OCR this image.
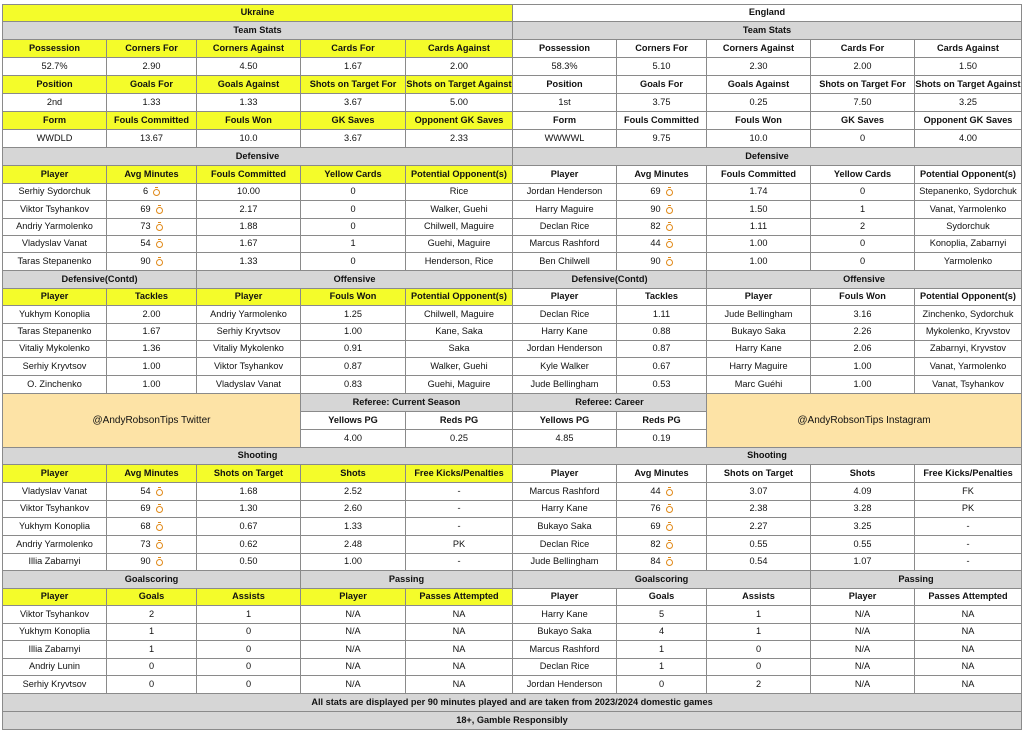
Ukraine
Team Stats
Possession	Corners For	Corners Against	Cards For	Cards Against
52.7%	2.90	4.50	1.67	2.00
Position	Goals For	Goals Against	Shots on Target For Shots on Target Against
2nd	1.33	1.33	3.67	5.00
Form	Fouls Committed	Fouls Won	GK Saves	Opponent GK Saves
WWDLD	13.67	10.0	3.67	2.33
Defensive
Player	Avg Minutes	Fouls Committed	Yellow Cards	Potential Opponent(s)
Serhiy Sydorchuk	6	10.00	0	Rice
Viktor Tsyhankov	69	2.17	0	Walker, Guehi
Andriy Yarmolenko	73	1.88	0	Chilwell, Maguire
Vladyslav Vanat	54	1.67	1	Guehi, Maguire
Taras Stepanenko	90	1.33	0	Henderson, Rice
Defensive(Contd)	Offensive
Player	Tackles	Player	Fouls Won	Potential Opponent(s)
Yukhym Konoplia	2.00	Andriy Yarmolenko	1.25	Chilwell, Maguire
Taras Stepanenko	1.67	Serhiy Kryvtsov	1.00	Kane, Saka
Vitaliy Mykolenko	1.36	Vitaliy Mykolenko	0.91	Saka
Serhiy Kryvtsov	1.00	Viktor Tsyhankov	0.87	Walker, Guehi
O. Zinchenko	1.00	Vladyslav Vanat	0.83	Guehi, Maguire
Shooting
Player	Avg Minutes	Shots on Target	Shots	Free Kicks/Penalties
Vladyslav Vanat	54	1.68	2.52	-
Viktor Tsyhankov	69	1.30	2.60	-
Yukhym Konoplia	68	0.67	1.33	-
Andriy Yarmolenko	73	0.62	2.48	PK
Illia Zabarnyi	90	0.50	1.00	-
Goalscoring	Passing
Player	Goals	Assists	Player	Passes Attempted
Viktor Tsyhankov	2	1	N/A	NA
Yukhym Konoplia	1	0	N/A	NA
Illia Zabarnyi	1	0	N/A	NA
Andriy Lunin	0	0	N/A	NA
Serhiy Kryvtsov	0	0	N/A	NA
England
Team Stats
Possession	Corners For	Corners Against	Cards For	Cards Against
58.3%	5.10	2.30	2.00	1.50
Position	Goals For	Goals Against	Shots on Target For Shots on Target Against
1st	3.75	0.25	7.50	3.25
Form	Fouls Committed	Fouls Won	GK Saves	Opponent GK Saves
WWWWL	9.75	10.0	0	4.00
Defensive
Player	Avg Minutes	Fouls Committed	Yellow Cards	Potential Opponent(s)
Jordan Henderson	69	1.74	0	Stepanenko, Sydorchuk
Harry Maguire	90	1.50	1	Vanat, Yarmolenko
Declan Rice	82	1.11	2	Sydorchuk
Marcus Rashford	44	1.00	0	Konoplia, Zabarnyi
Ben Chilwell	90	1.00	0	Yarmolenko
Defensive(Contd)	Offensive
Player	Tackles	Player	Fouls Won	Potential Opponent(s)
Declan Rice	1.11	Jude Bellingham	3.16	Zinchenko, Sydorchuk
Harry Kane	0.88	Bukayo Saka	2.26	Mykolenko, Kryvstov
Jordan Henderson	0.87	Harry Kane	2.06	Zabarnyi, Kryvstov
Kyle Walker	0.67	Harry Maguire	1.00	Vanat, Yarmolenko
Jude Bellingham	0.53	Marc Guéhi	1.00	Vanat, Tsyhankov
Shooting
Player	Avg Minutes	Shots on Target	Shots	Free Kicks/Penalties
Marcus Rashford	44	3.07	4.09	FK
Harry Kane	76	2.38	3.28	PK
Bukayo Saka	69	2.27	3.25	-
Declan Rice	82	0.55	0.55	-
Jude Bellingham	84	0.54	1.07	-
Goalscoring	Passing
Player	Goals	Assists	Player	Passes Attempted
Harry Kane	5	1	N/A	NA
Bukayo Saka	4	1	N/A	NA
Marcus Rashford	1	0	N/A	NA
Declan Rice	1	0	N/A	NA
Jordan Henderson	0	2	N/A	NA
@AndyRobsonTips Twitter	@AndyRobsonTips Instagram
Referee: Current Season	Referee: Career
Yellows PG	Reds PG	Yellows PG	Reds PG
4.00	0.25	4.85	0.19
All stats are displayed per 90 minutes played and are taken from 2023/2024 domestic games
18+, Gamble Responsibly
